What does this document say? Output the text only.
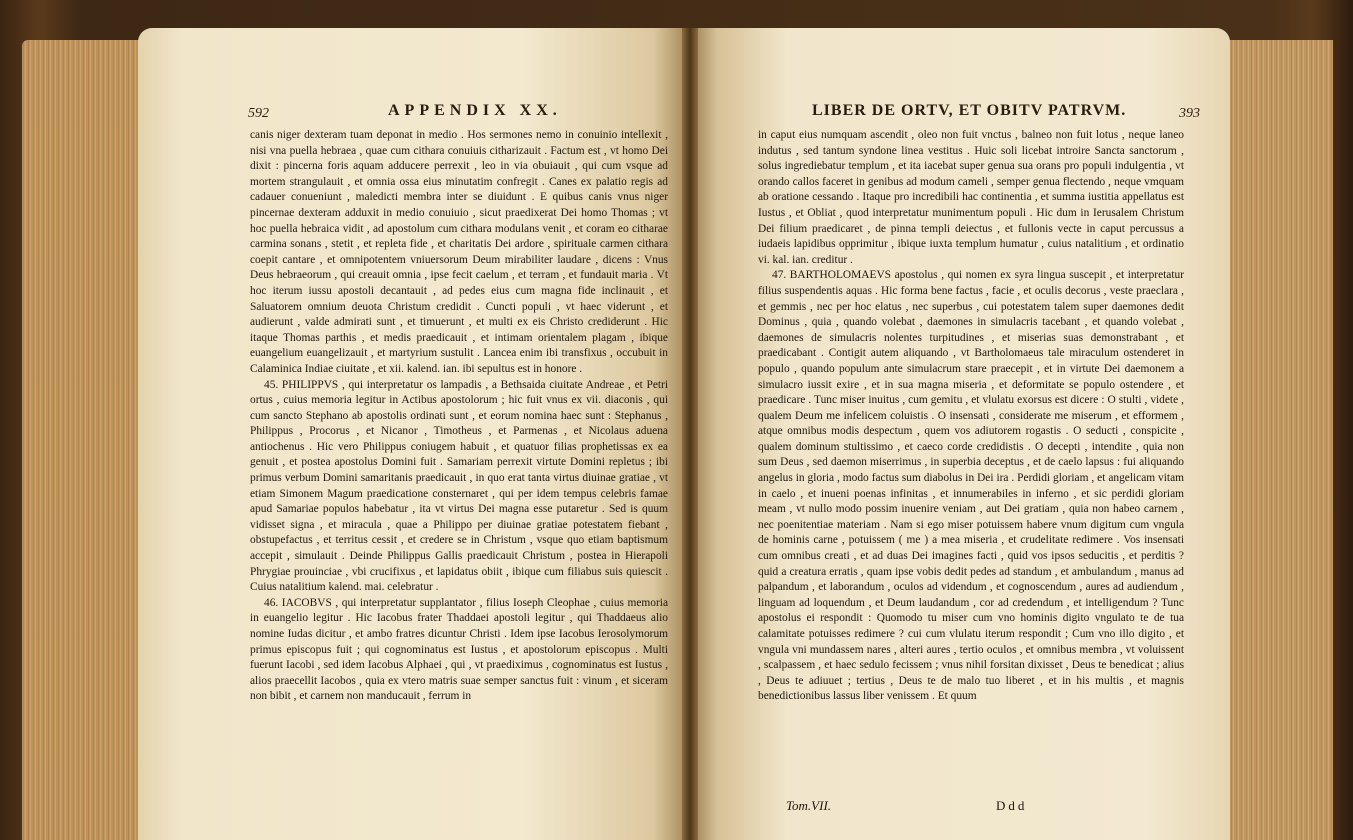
592	APPENDIX XX.

canis niger dexteram tuam deponat in medio . Hos sermones nemo in conuinio intellexit , nisi vna puella hebraea , quae cum cithara conuiuis citharizauit . Factum est , vt homo Dei dixit : pincerna foris aquam adducere perrexit , leo in via obuiauit , qui cum vsque ad mortem strangulauit , et omnia ossa eius minutatim confregit . Canes ex palatio regis ad cadauer conueniunt , maledicti membra inter se diuidunt . E quibus canis vnus niger pincernae dexteram adduxit in medio conuiuio , sicut praedixerat Dei homo Thomas ; vt hoc puella hebraica vidit , ad apostolum cum cithara modulans venit , et coram eo citharae carmina sonans , stetit , et repleta fide , et charitatis Dei ardore , spirituale carmen cithara coepit cantare , et omnipotentem vniuersorum Deum mirabiliter laudare , dicens : Vnus Deus hebraeorum , qui creauit omnia , ipse fecit caelum , et terram , et fundauit maria . Vt hoc iterum iussu apostoli decantauit , ad pedes eius cum magna fide inclinauit , et Saluatorem omnium deuota Christum credidit . Cuncti populi , vt haec viderunt , et audierunt , valde admirati sunt , et timuerunt , et multi ex eis Christo crediderunt . Hic itaque Thomas parthis , et medis praedicauit , et intimam orientalem plagam , ibique euangelium euangelizauit , et martyrium sustulit . Lancea enim ibi transfixus , occubuit in Calaminica Indiae ciuitate , et xii. kalend. ian. ibi sepultus est in honore .

45. PHILIPPVS , qui interpretatur os lampadis , a Bethsaida ciuitate Andreae , et Petri ortus , cuius memoria legitur in Actibus apostolorum ; hic fuit vnus ex vii. diaconis , qui cum sancto Stephano ab apostolis ordinati sunt , et eorum nomina haec sunt : Stephanus , Philippus , Procorus , et Nicanor , Timotheus , et Parmenas , et Nicolaus aduena antiochenus . Hic vero Philippus coniugem habuit , et quatuor filias prophetissas ex ea genuit , et postea apostolus Domini fuit . Samariam perrexit virtute Domini repletus ; ibi primus verbum Domini samaritanis praedicauit , in quo erat tanta virtus diuinae gratiae , vt etiam Simonem Magum praedicatione consternaret , qui per idem tempus celebris famae apud Samariae populos habebatur , ita vt virtus Dei magna esse putaretur . Sed is quum vidisset signa , et miracula , quae a Philippo per diuinae gratiae potestatem fiebant , obstupefactus , et territus cessit , et credere se in Christum , vsque quo etiam baptismum accepit , simulauit . Deinde Philippus Gallis praedicauit Christum , postea in Hierapoli Phrygiae prouinciae , vbi crucifixus , et lapidatus obiit , ibique cum filiabus suis quiescit . Cuius natalitium kalend. mai. celebratur .

46. IACOBVS , qui interpretatur supplantator , filius Ioseph Cleophae , cuius memoria in euangelio legitur . Hic Iacobus frater Thaddaei apostoli legitur , qui Thaddaeus alio nomine Iudas dicitur , et ambo fratres dicuntur Christi . Idem ipse Iacobus Ierosolymorum primus episcopus fuit ; qui cognominatus est Iustus , et apostolorum episcopus . Multi fuerunt Iacobi , sed idem Iacobus Alphaei , qui , vt praediximus , cognominatus est Iustus , alios praecellit Iacobos , quia ex vtero matris suae semper sanctus fuit : vinum , et siceram non bibit , et carnem non manducauit , ferrum in

LIBER DE ORTV, ET OBITV PATRVM.	393

in caput eius numquam ascendit , oleo non fuit vnctus , balneo non fuit lotus , neque laneo indutus , sed tantum syndone linea vestitus . Huic soli licebat introire Sancta sanctorum , solus ingrediebatur templum , et ita iacebat super genua sua orans pro populi indulgentia , vt orando callos faceret in genibus ad modum cameli , semper genua flectendo , neque vmquam ab oratione cessando . Itaque pro incredibili hac continentia , et summa iustitia appellatus est Iustus , et Obliat , quod interpretatur munimentum populi . Hic dum in Ierusalem Christum Dei filium praedicaret , de pinna templi deiectus , et fullonis vecte in caput percussus a iudaeis lapidibus opprimitur , ibique iuxta templum humatur , cuius natalitium , et ordinatio vi. kal. ian. creditur .

47. BARTHOLOMAEVS apostolus , qui nomen ex syra lingua suscepit , et interpretatur filius suspendentis aquas . Hic forma bene factus , facie , et oculis decorus , veste praeclara , et gemmis , nec per hoc elatus , nec superbus , cui potestatem talem super daemones dedit Dominus , quia , quando volebat , daemones in simulacris tacebant , et quando volebat , daemones de simulacris nolentes turpitudines , et miserias suas demonstrabant , et praedicabant . Contigit autem aliquando , vt Bartholomaeus tale miraculum ostenderet in populo , quando populum ante simulacrum stare praecepit , et in virtute Dei daemonem a simulacro iussit exire , et in sua magna miseria , et deformitate se populo ostendere , et praedicare . Tunc miser inuitus , cum gemitu , et vlulatu exorsus est dicere : O stulti , videte , qualem Deum me infelicem coluistis . O insensati , considerate me miserum , et efformem , atque omnibus modis despectum , quem vos adiutorem rogastis . O seducti , conspicite , qualem dominum stultissimo , et caeco corde credidistis . O decepti , intendite , quia non sum Deus , sed daemon miserrimus , in superbia deceptus , et de caelo lapsus : fui aliquando angelus in gloria , modo factus sum diabolus in Dei ira . Perdidi gloriam , et angelicam vitam in caelo , et inueni poenas infinitas , et innumerabiles in inferno , et sic perdidi gloriam meam , vt nullo modo possim inuenire veniam , aut Dei gratiam , quia non habeo carnem , nec poenitentiae materiam . Nam si ego miser potuissem habere vnum digitum cum vngula de hominis carne , potuissem ( me ) a mea miseria , et crudelitate redimere . Vos insensati cum omnibus creati , et ad duas Dei imagines facti , quid vos ipsos seducitis , et perditis ? quid a creatura erratis , quam ipse vobis dedit pedes ad standum , et ambulandum , manus ad palpandum , et laborandum , oculos ad videndum , et cognoscendum , aures ad audiendum , linguam ad loquendum , et Deum laudandum , cor ad credendum , et intelligendum ? Tunc apostolus ei respondit : Quomodo tu miser cum vno hominis digito vngulato te de tua calamitate potuisses redimere ? cui cum vlulatu iterum respondit ; Cum vno illo digito , et vngula vni mundassem nares , alteri aures , tertio oculos , et omnibus membra , vt voluissent , scalpassem , et haec sedulo fecissem ; vnus nihil forsitan dixisset , Deus te benedicat ; alius , Deus te adiuuet ; tertius , Deus te de malo tuo liberet , et in his multis , et magnis benedictionibus lassus liber venissem . Et quum

Tom.VII.	Ddd
